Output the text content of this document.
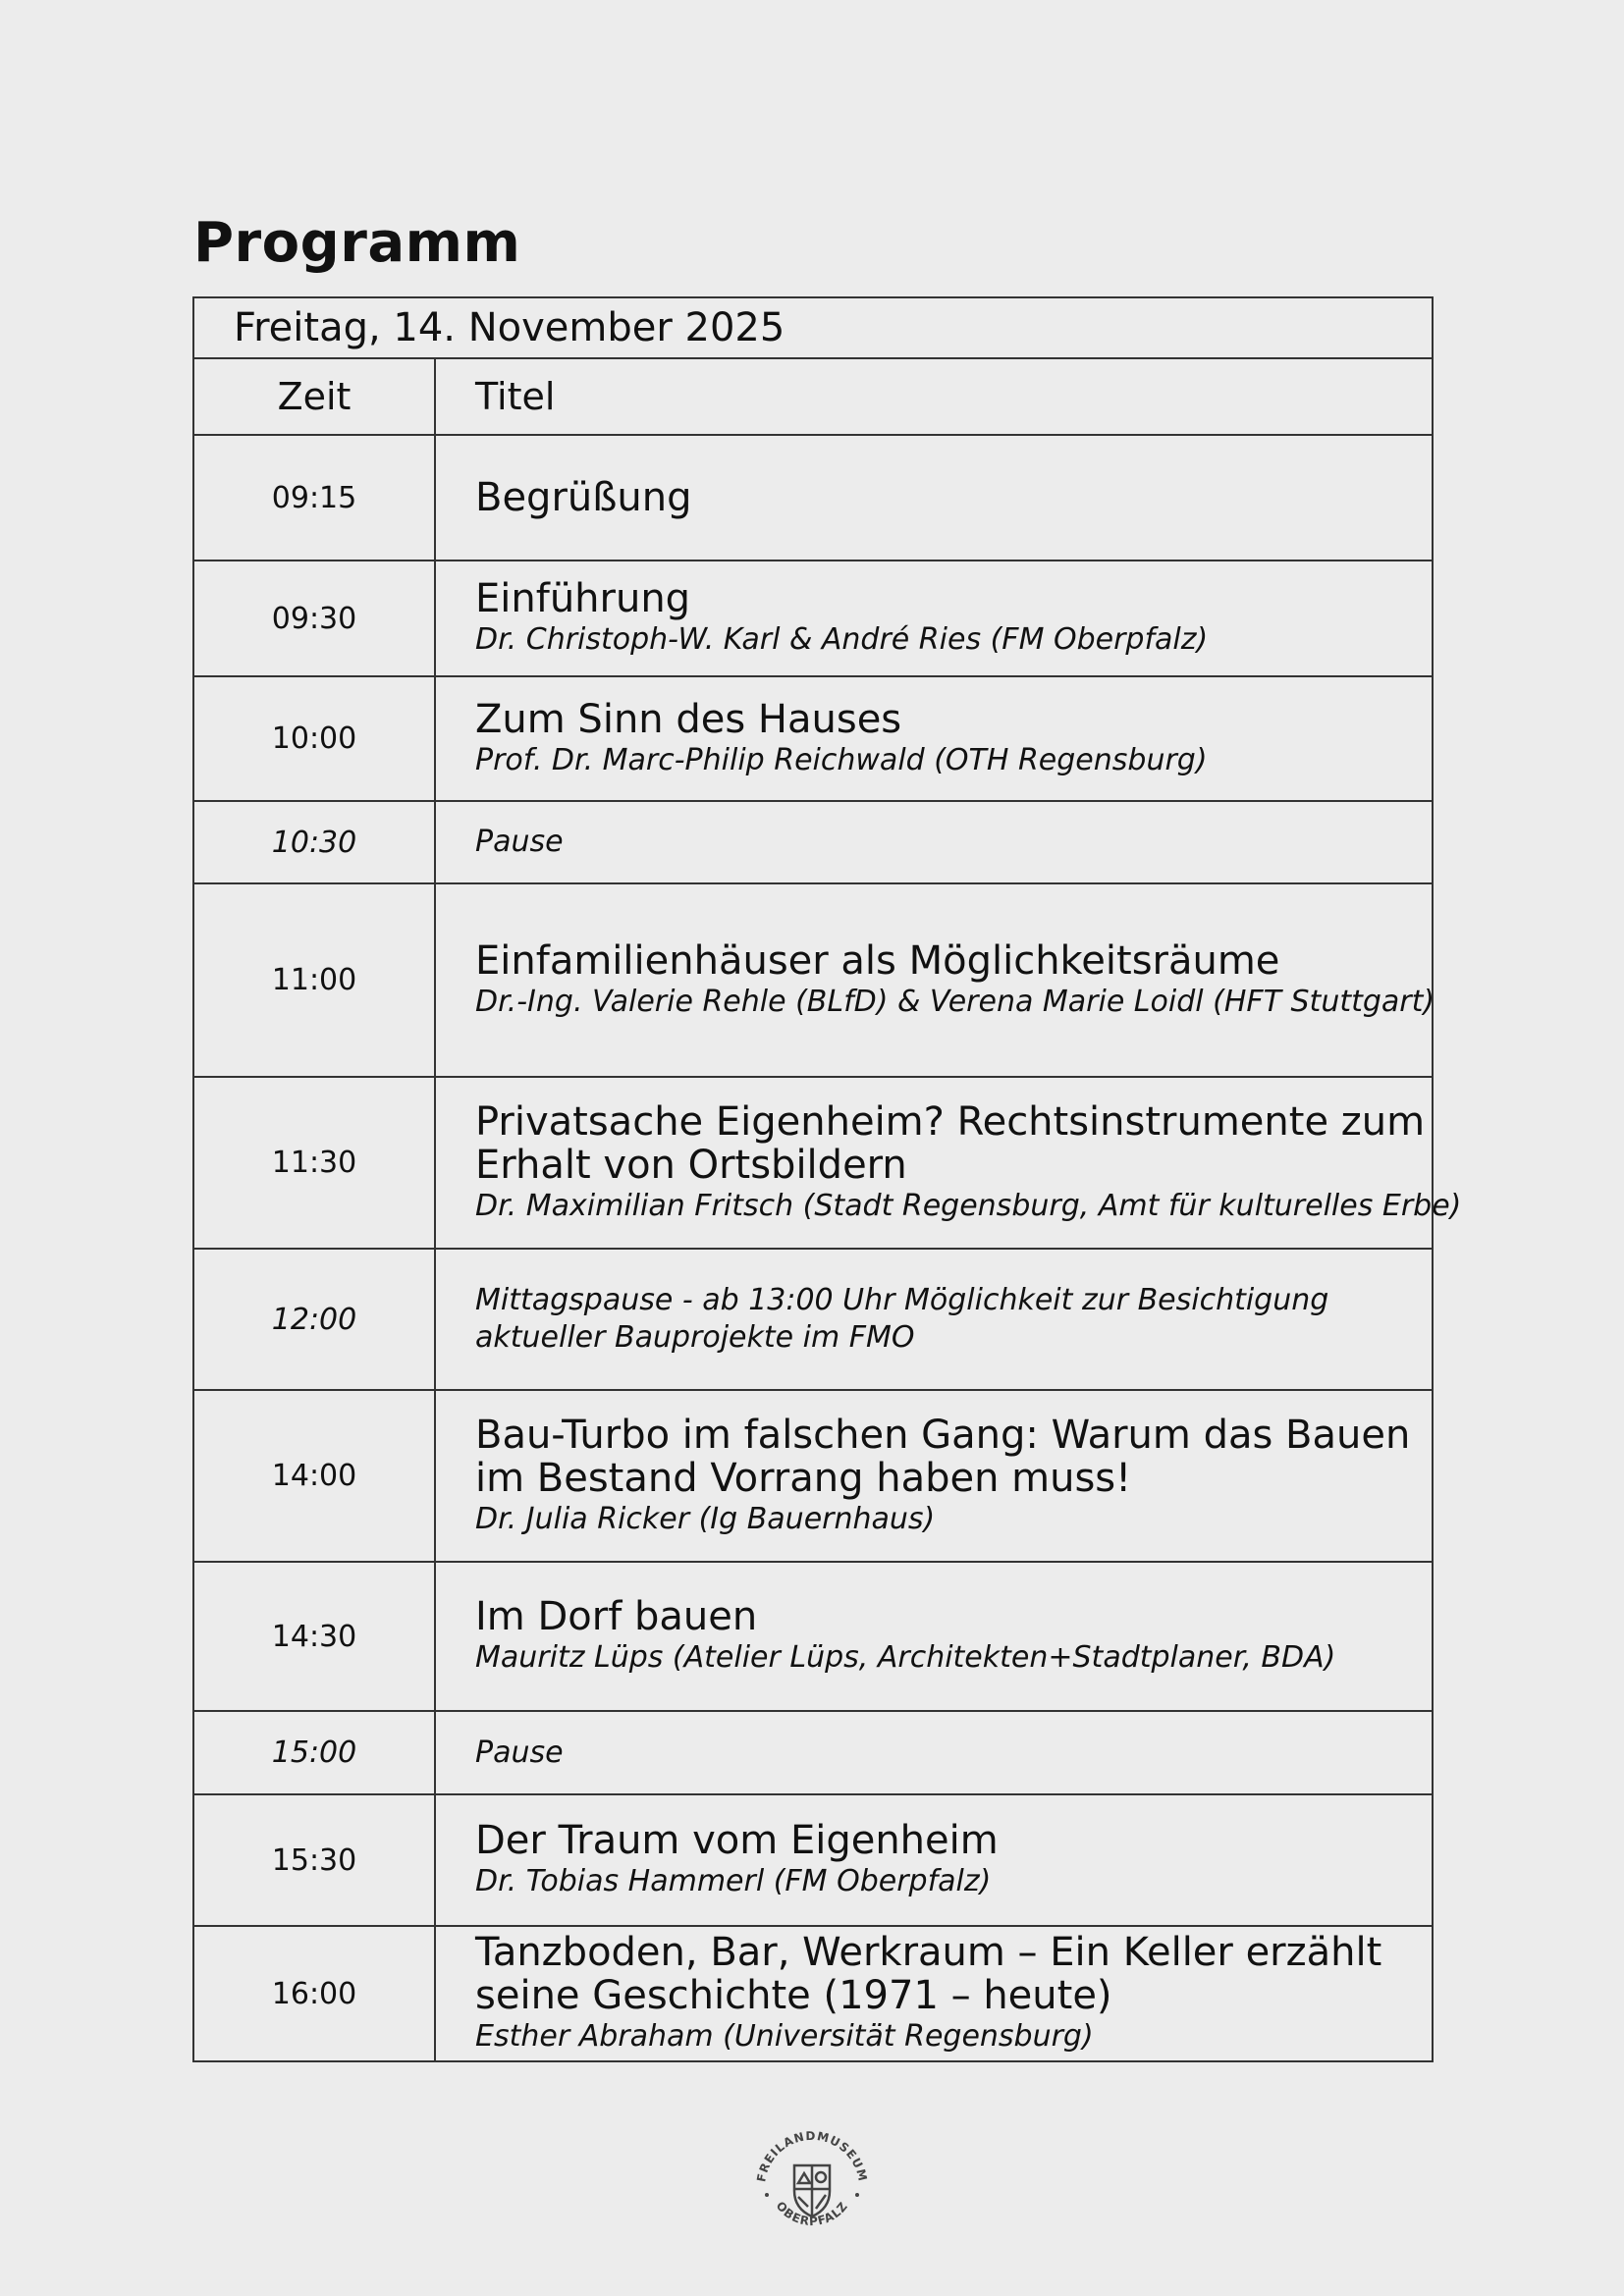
Programm
Freitag, 14. November 2025	
Zeit	Titel
09:15	Begrüßung

09:30	Einführung
Dr. Christoph-W. Karl & André Ries (FM Oberpfalz)

10:00	Zum Sinn des Hauses
Prof. Dr. Marc-Philip Reichwald (OTH Regensburg)

10:30	Pause

11:00	Einfamilienhäuser als Möglichkeitsräume
Dr.-Ing. Valerie Rehle (BLfD) & Verena Marie Loidl (HFT Stuttgart)

11:30	Privatsache Eigenheim? Rechtsinstrumente zum Erhalt von Ortsbildern
Dr. Maximilian Fritsch (Stadt Regensburg, Amt für kulturelles Erbe)

12:00	Mittagspause - ab 13:00 Uhr Möglichkeit zur Besichtigung aktueller Bauprojekte im FMO

14:00	Bau-Turbo im falschen Gang: Warum das Bauen im Bestand Vorrang haben muss!
Dr. Julia Ricker (Ig Bauernhaus)

14:30	Im Dorf bauen
Mauritz Lüps (Atelier Lüps, Architekten+Stadtplaner, BDA)

15:00	Pause

15:30	Der Traum vom Eigenheim
Dr. Tobias Hammerl (FM Oberpfalz)

16:00	Tanzboden, Bar, Werkraum – Ein Keller erzählt seine Geschichte (1971 – heute)
Esther Abraham (Universität Regensburg)
FREILANDMUSEUM
OBERPFALZ
